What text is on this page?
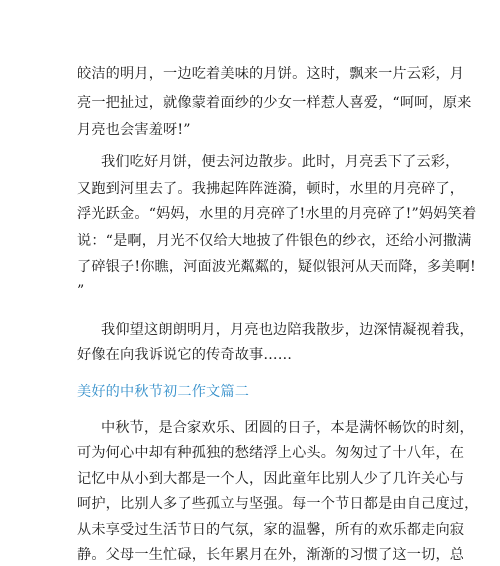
皎洁的明月，一边吃着美味的月饼。这时，飘来一片云彩，月
亮一把扯过，就像蒙着面纱的少女一样惹人喜爱，“呵呵，原来
月亮也会害羞呀!”
我们吃好月饼，便去河边散步。此时，月亮丢下了云彩，
又跑到河里去了。我拂起阵阵涟漪，顿时，水里的月亮碎了，
浮光跃金。“妈妈，水里的月亮碎了!水里的月亮碎了!”妈妈笑着
说：“是啊，月光不仅给大地披了件银色的纱衣，还给小河撒满
了碎银子!你瞧，河面波光粼粼的，疑似银河从天而降，多美啊!
”
我仰望这朗朗明月，月亮也边陪我散步，边深情凝视着我，
好像在向我诉说它的传奇故事……
美好的中秋节初二作文篇二
中秋节，是合家欢乐、团圆的日子，本是满怀畅饮的时刻，
可为何心中却有种孤独的愁绪浮上心头。匆匆过了十八年，在
记忆中从小到大都是一个人，因此童年比别人少了几许关心与
呵护，比别人多了些孤立与坚强。每一个节日都是由自己度过，
从未享受过生活节日的气氛，家的温馨，所有的欢乐都走向寂
静。父母一生忙碌，长年累月在外，渐渐的习惯了这一切，总
